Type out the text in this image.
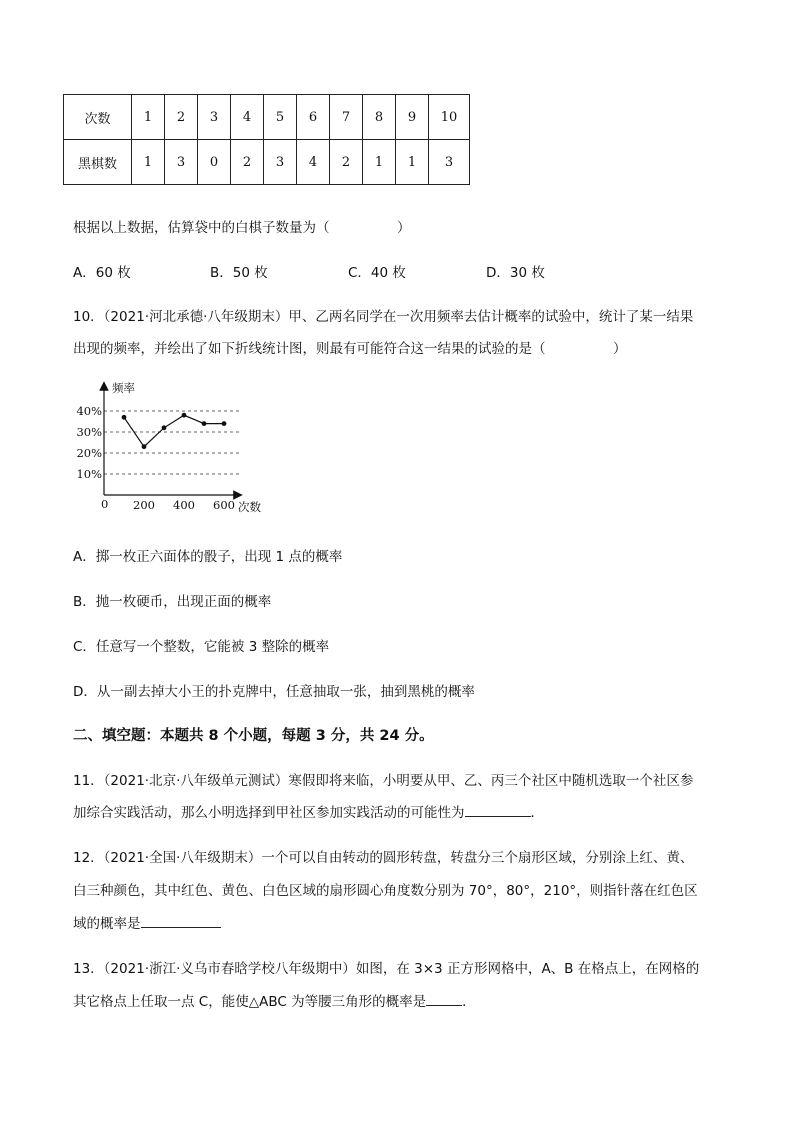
次数	1	2	3	4	5	6	7	8	9	10
黑棋数	1	3	0	2	3	4	2	1	1	3
根据以上数据，估算袋中的白棋子数量为（　　　　　）
A．60 枚	B．50 枚	C．40 枚	D．30 枚
10．（2021·河北承德·八年级期末）甲、乙两名同学在一次用频率去估计概率的试验中，统计了某一结果
出现的频率，并绘出了如下折线统计图，则最有可能符合这一结果的试验的是（　　　　　）
频率
次数
0
10%
20%
30%
40%
200 400 600
A．掷一枚正六面体的骰子，出现 1 点的概率
B．抛一枚硬币，出现正面的概率
C．任意写一个整数，它能被 3 整除的概率
D．从一副去掉大小王的扑克牌中，任意抽取一张，抽到黑桃的概率
二、填空题：本题共 8 个小题，每题 3 分，共 24 分。
11．（2021·北京·八年级单元测试）寒假即将来临，小明要从甲、乙、丙三个社区中随机选取一个社区参
加综合实践活动，那么小明选择到甲社区参加实践活动的可能性为	．
12．（2021·全国·八年级期末）一个可以自由转动的圆形转盘，转盘分三个扇形区域，分别涂上红、黄、
白三种颜色，其中红色、黄色、白色区域的扇形圆心角度数分别为 70°，80°，210°，则指针落在红色区
域的概率是
13．（2021·浙江·义乌市春晗学校八年级期中）如图，在 3×3 正方形网格中，A、B 在格点上，在网格的
其它格点上任取一点 C，能使△ABC 为等腰三角形的概率是	．
